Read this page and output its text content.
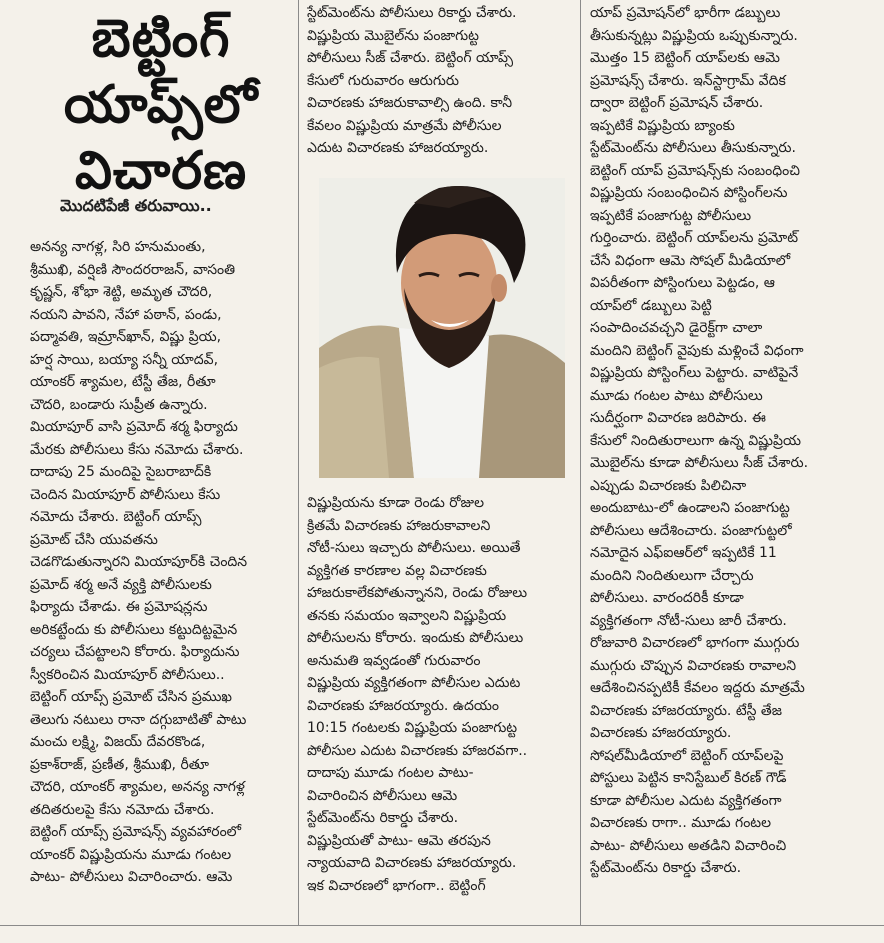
బెట్టింగ్
యాప్స్‌లో
విచారణ
మొదటిపేజీ తరువాయి..
అనన్య నాగళ్ల, సిరి హనుమంతు,
శ్రీముఖి, వర్షిణి సౌందరరాజన్, వాసంతి
కృష్ణన్, శోభా శెట్టి, అమృత చౌదరి,
నయని పావని, నేహా పఠాన్, పండు,
పద్మావతి, ఇమ్రాన్‌ఖాన్, విష్ణు ప్రియ,
హర్ష సాయి, బయ్యా సన్నీ యాదవ్,
యాంకర్ శ్యామల, టేస్టీ తేజ, రీతూ
చౌదరి, బండారు సుప్రీత ఉన్నారు.
మియాపూర్ వాసి ప్రమోద్ శర్మ ఫిర్యాదు
మేరకు పోలీసులు కేసు నమోదు చేశారు.
దాదాపు 25 మందిపై సైబరాబాద్‌కి
చెందిన మియాపూర్ పోలీసులు కేసు
నమోదు చేశారు. బెట్టింగ్ యాప్స్
ప్రమోట్ చేసి యువతను
చెడగొడుతున్నారని మియాపూర్‌కి చెందిన
ప్రమోద్ శర్మ అనే వ్యక్తి పోలీసులకు
ఫిర్యాదు చేశాడు. ఈ ప్రమోషన్లను
అరికట్టేందు కు పోలీసులు కట్టుదిట్టమైన
చర్యలు చేపట్టాలని కోరారు. ఫిర్యాదును
స్వీకరించిన మియాపూర్ పోలీసులు..
బెట్టింగ్ యాప్స్ ప్రమోట్ చేసిన ప్రముఖ
తెలుగు నటులు రానా దగ్గుబాటితో పాటు
మంచు లక్ష్మి, విజయ్ దేవరకొండ,
ప్రకాశ్‌రాజ్, ప్రణీత, శ్రీముఖి, రీతూ
చౌదరి, యాంకర్ శ్యామల, అనన్య నాగళ్ల
తదితరులపై కేసు నమోదు చేశారు.
బెట్టింగ్ యాప్స్ ప్రమోషన్స్ వ్యవహారంలో
యాంకర్ విష్ణుప్రియను మూడు గంటల
పాటు- పోలీసులు విచారించారు. ఆమె
స్టేట్‌మెంట్‌ను పోలీసులు రికార్డు చేశారు.
విష్ణుప్రియ మొబైల్‌ను పంజాగుట్ట
పోలీసులు సీజ్ చేశారు. బెట్టింగ్ యాప్స్
కేసులో గురువారం ఆరుగురు
విచారణకు హాజరుకావాల్సి ఉంది. కానీ
కేవలం విష్ణుప్రియ మాత్రమే పోలీసుల
ఎదుట విచారణకు హాజరయ్యారు.
విష్ణుప్రియను కూడా రెండు రోజుల
క్రితమే విచారణకు హాజరుకావాలని
నోటీ-సులు ఇచ్చారు పోలీసులు. అయితే
వ్యక్తిగత కారణాల వల్ల విచారణకు
హాజరుకాలేకపోతున్నానని, రెండు రోజులు
తనకు సమయం ఇవ్వాలని విష్ణుప్రియ
పోలీసులను కోరారు. ఇందుకు పోలీసులు
అనుమతి ఇవ్వడంతో గురువారం
విష్ణుప్రియ వ్యక్తిగతంగా పోలీసుల ఎదుట
విచారణకు హాజరయ్యారు. ఉదయం
10:15 గంటలకు విష్ణుప్రియ పంజాగుట్ట
పోలీసుల ఎదుట విచారణకు హాజరవగా..
దాదాపు మూడు గంటల పాటు-
విచారించిన పోలీసులు ఆమె
స్టేట్‌మెంట్‌ను రికార్డు చేశారు.
విష్ణుప్రియతో పాటు- ఆమె తరపున
న్యాయవాది విచారణకు హాజరయ్యారు.
ఇక విచారణలో భాగంగా.. బెట్టింగ్
యాప్ ప్రమోషన్‌లో భారీగా డబ్బులు
తీసుకున్నట్లు విష్ణుప్రియ ఒప్పుకున్నారు.
మొత్తం 15 బెట్టింగ్ యాప్‌లకు ఆమె
ప్రమోషన్స్ చేశారు. ఇన్‌స్టాగ్రామ్ వేదిక
ద్వారా బెట్టింగ్ ప్రమోషన్ చేశారు.
ఇప్పటికే విష్ణుప్రియ బ్యాంకు
స్టేట్‌మెంట్‌ను పోలీసులు తీసుకున్నారు.
బెట్టింగ్ యాప్ ప్రమోషన్స్‌కు సంబంధించి
విష్ణుప్రియ సంబంధించిన పోస్టింగ్‌లను
ఇప్పటికే పంజాగుట్ట పోలీసులు
గుర్తించారు. బెట్టింగ్ యాప్‌లను ప్రమోట్
చేసే విధంగా ఆమె సోషల్ మీడియాలో
విపరీతంగా పోస్టింగులు పెట్టడం, ఆ
యాప్‌లో డబ్బులు పెట్టి
సంపాదించవచ్చని డైరెక్ట్‌గా చాలా
మందిని బెట్టింగ్ వైపుకు మళ్లించే విధంగా
విష్ణుప్రియ పోస్టింగ్‌లు పెట్టారు. వాటిపైనే
మూడు గంటల పాటు పోలీసులు
సుదీర్ఘంగా విచారణ జరిపారు. ఈ
కేసులో నిందితురాలుగా ఉన్న విష్ణుప్రియ
మొబైల్‌ను కూడా పోలీసులు సీజ్ చేశారు.
ఎప్పుడు విచారణకు పిలిచినా
అందుబాటు-లో ఉండాలని పంజాగుట్ట
పోలీసులు ఆదేశించారు. పంజాగుట్టలో
నమోదైన ఎఫ్‌ఐఆర్‌లో ఇప్పటికే 11
మందిని నిందితులుగా చేర్చారు
పోలీసులు. వారందరికీ కూడా
వ్యక్తిగతంగా నోటీ-సులు జారీ చేశారు.
రోజువారి విచారణలో భాగంగా ముగ్గురు
ముగ్గురు చొప్పున విచారణకు రావాలని
ఆదేశించినప్పటికీ కేవలం ఇద్దరు మాత్రమే
విచారణకు హాజరయ్యారు. టేస్టీ తేజ
విచారణకు హాజరయ్యారు.
సోషల్‌మీడియాలో బెట్టింగ్ యాప్‌లపై
పోస్టులు పెట్టిన కానిస్టేబుల్ కిరణ్ గౌడ్
కూడా పోలీసుల ఎదుట వ్యక్తిగతంగా
విచారణకు రాగా.. మూడు గంటల
పాటు- పోలీసులు అతడిని విచారించి
స్టేట్‌మెంట్‌ను రికార్డు చేశారు.
